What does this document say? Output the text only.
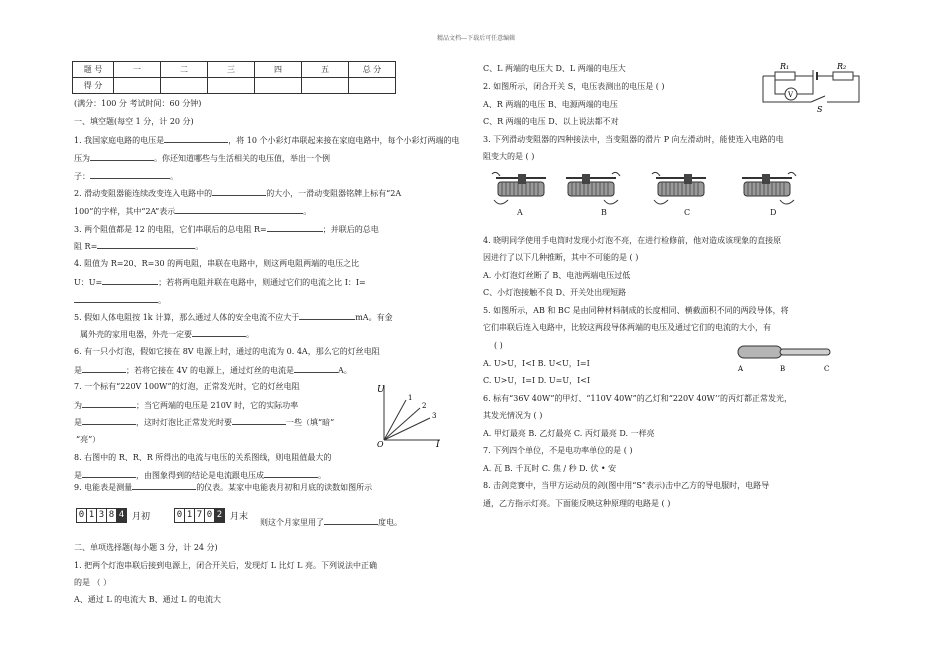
精品文档---下载后可任意编辑
题 号	一	二	三	四	五	总 分
得 分						
(满分：100 分 考试时间：60 分钟)
一、填空题(每空 1 分，计 20 分)
1. 我国家庭电路的电压是	，将 10 个小彩灯串联起来接在家庭电路中，每个小彩灯两端的电
压为	。你还知道哪些与生活相关的电压值，举出一个例
子：	。
2. 滑动变阻器能连续改变连入电路中的	的大小，一滑动变阻器铭牌上标有“2A
100”的字样，其中“2A”表示	。
3. 两个阻值都是 12 的电阻，它们串联后的总电阻 R=	；并联后的总电
阻 R=	。
4. 阻值为 R=20、R=30 的两电阻，串联在电路中，则这两电阻两端的电压之比
U：U=	；若将两电阻并联在电路中，则通过它们的电流之比 I：I=
。
5. 假如人体电阻按 1k 计算，那么通过人体的安全电流不应大于	mA。有金
属外壳的家用电器，外壳一定要	。
6. 有一只小灯泡，假如它接在 8V 电源上时，通过的电流为 0. 4A，那么它的灯丝电阻
是	；若将它接在 4V 的电源上，通过灯丝的电流是	A。
7. 一个标有“220V 100W”的灯泡，正常发光时，它的灯丝电阻
为	；当它两端的电压是 210V 时，它的实际功率
是	，这时灯泡比正常发光时要	一些（填“暗”
“亮”）
8. 右图中的 R、R、R 所得出的电流与电压的关系图线，则电阻值最大的
是	，由图象得到的结论是电流跟电压成	。
U
I
O
1
2
3
9. 电能表是测量	的仪表。某家中电能表月初和月底的读数如图所示
0 1 3 8 4 月初	0 1 7 0 2 月末
则这个月家里用了	度电。
二、单项选择题(每小题 3 分，计 24 分)
1. 把两个灯泡串联后接到电源上，闭合开关后，发现灯 L 比灯 L 亮。下列说法中正确
的是 （ ）
A、通过 L 的电流大 B、通过 L 的电流大
C、L 两端的电压大 D、L 两端的电压大
2. 如图所示，闭合开关 S，电压表测出的电压是 ( )
A、R 两端的电压 B、电源两端的电压
C、R 两端的电压 D、以上说法都不对
R₁	R₂
V
S
3. 下列滑动变阻器的四种接法中，当变阻器的滑片 P 向左滑动时，能使连入电路的电
阻变大的是 ( )
A	B	C	D
4. 晓明同学使用手电筒时发现小灯泡不亮，在进行检修前，他对造成该现象的直接原
因进行了以下几种推断，其中不可能的是 ( )
A. 小灯泡灯丝断了 B、电池两端电压过低
C、小灯泡接触不良 D、开关处出现短路
5. 如图所示，AB 和 BC 是由同种材料制成的长度相同、横截面积不同的两段导体，将
它们串联后连入电路中，比较这两段导体两端的电压及通过它们的电流的大小，有
( )
A	B	C
A. U>U，I<I B. U<U，I=I
C. U>U，I=I D. U=U，I<I
6. 标有“36V 40W”的甲灯、“110V 40W”的乙灯和“220V 40W’’的丙灯都正常发光，
其发光情况为 ( )
A. 甲灯最亮 B. 乙灯最亮 C. 丙灯最亮 D. 一样亮
7. 下列四个单位，不是电功率单位的是 ( )
A. 瓦 B. 千瓦时 C. 焦 / 秒 D. 伏 • 安
8. 击剑竞赛中，当甲方运动员的剑(图中用“S”表示)击中乙方的导电服时，电路导
通，乙方指示灯亮。下面能反映这种原理的电路是 ( )
